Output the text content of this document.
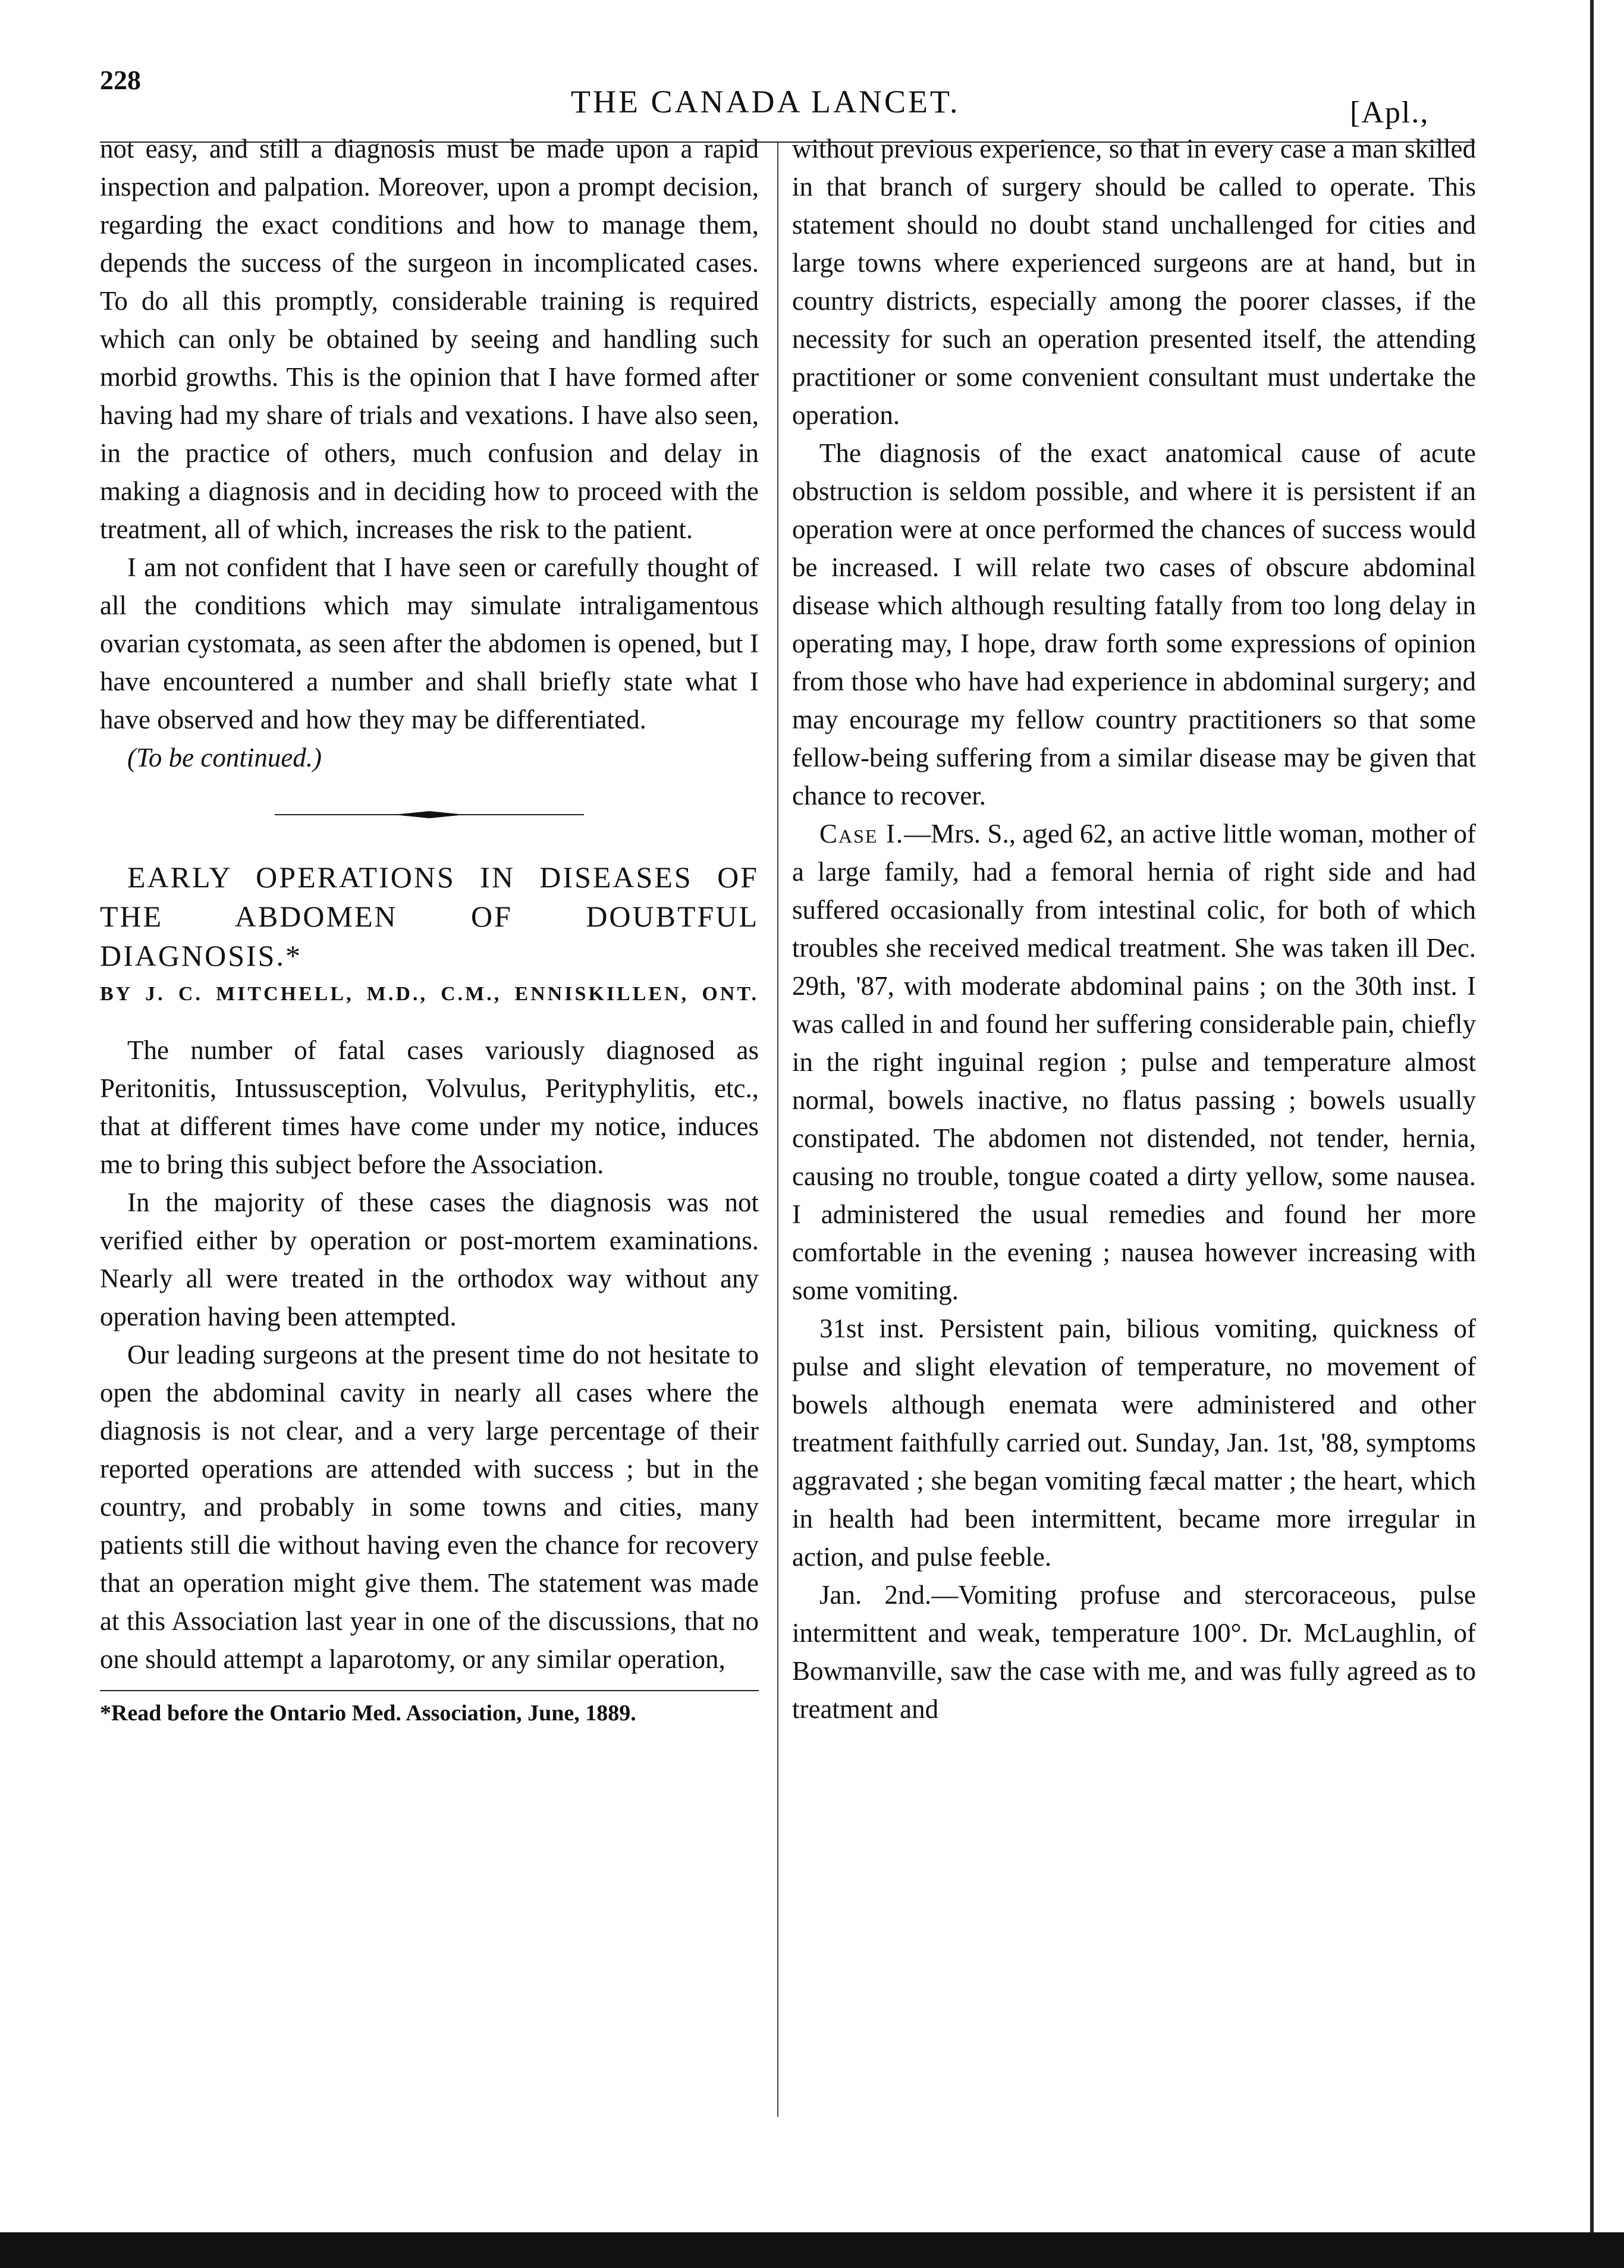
228
THE CANADA LANCET.	[Apl.,

not easy, and still a diagnosis must be made upon a rapid inspection and palpation. Moreover, upon a prompt decision, regarding the exact conditions and how to manage them, depends the success of the surgeon in incomplicated cases. To do all this promptly, considerable training is required which can only be obtained by seeing and handling such morbid growths. This is the opinion that I have formed after having had my share of trials and vexations. I have also seen, in the practice of others, much confusion and delay in making a diagnosis and in deciding how to proceed with the treatment, all of which, increases the risk to the patient.

I am not confident that I have seen or carefully thought of all the conditions which may simulate intraligamentous ovarian cystomata, as seen after the abdomen is opened, but I have encountered a number and shall briefly state what I have observed and how they may be differentiated.

(To be continued.)

EARLY OPERATIONS IN DISEASES OF THE ABDOMEN OF DOUBTFUL DIAGNOSIS.*

BY J. C. MITCHELL, M.D., C.M., ENNISKILLEN, ONT.

The number of fatal cases variously diagnosed as Peritonitis, Intussusception, Volvulus, Perityphylitis, etc., that at different times have come under my notice, induces me to bring this subject before the Association.

In the majority of these cases the diagnosis was not verified either by operation or post-mortem examinations. Nearly all were treated in the orthodox way without any operation having been attempted.

Our leading surgeons at the present time do not hesitate to open the abdominal cavity in nearly all cases where the diagnosis is not clear, and a very large percentage of their reported operations are attended with success ; but in the country, and probably in some towns and cities, many patients still die without having even the chance for recovery that an operation might give them. The statement was made at this Association last year in one of the discussions, that no one should attempt a laparotomy, or any similar operation,

*Read before the Ontario Med. Association, June, 1889.

without previous experience, so that in every case a man skilled in that branch of surgery should be called to operate. This statement should no doubt stand unchallenged for cities and large towns where experienced surgeons are at hand, but in country districts, especially among the poorer classes, if the necessity for such an operation presented itself, the attending practitioner or some convenient consultant must undertake the operation.

The diagnosis of the exact anatomical cause of acute obstruction is seldom possible, and where it is persistent if an operation were at once performed the chances of success would be increased. I will relate two cases of obscure abdominal disease which although resulting fatally from too long delay in operating may, I hope, draw forth some expressions of opinion from those who have had experience in abdominal surgery; and may encourage my fellow country practitioners so that some fellow-being suffering from a similar disease may be given that chance to recover.

Case I.—Mrs. S., aged 62, an active little woman, mother of a large family, had a femoral hernia of right side and had suffered occasionally from intestinal colic, for both of which troubles she received medical treatment. She was taken ill Dec. 29th, '87, with moderate abdominal pains ; on the 30th inst. I was called in and found her suffering considerable pain, chiefly in the right inguinal region ; pulse and temperature almost normal, bowels inactive, no flatus passing ; bowels usually constipated. The abdomen not distended, not tender, hernia, causing no trouble, tongue coated a dirty yellow, some nausea. I administered the usual remedies and found her more comfortable in the evening ; nausea however increasing with some vomiting.

31st inst. Persistent pain, bilious vomiting, quickness of pulse and slight elevation of temperature, no movement of bowels although enemata were administered and other treatment faithfully carried out. Sunday, Jan. 1st, '88, symptoms aggravated ; she began vomiting fæcal matter ; the heart, which in health had been intermittent, became more irregular in action, and pulse feeble.

Jan. 2nd.—Vomiting profuse and stercoraceous, pulse intermittent and weak, temperature 100°. Dr. McLaughlin, of Bowmanville, saw the case with me, and was fully agreed as to treatment and
